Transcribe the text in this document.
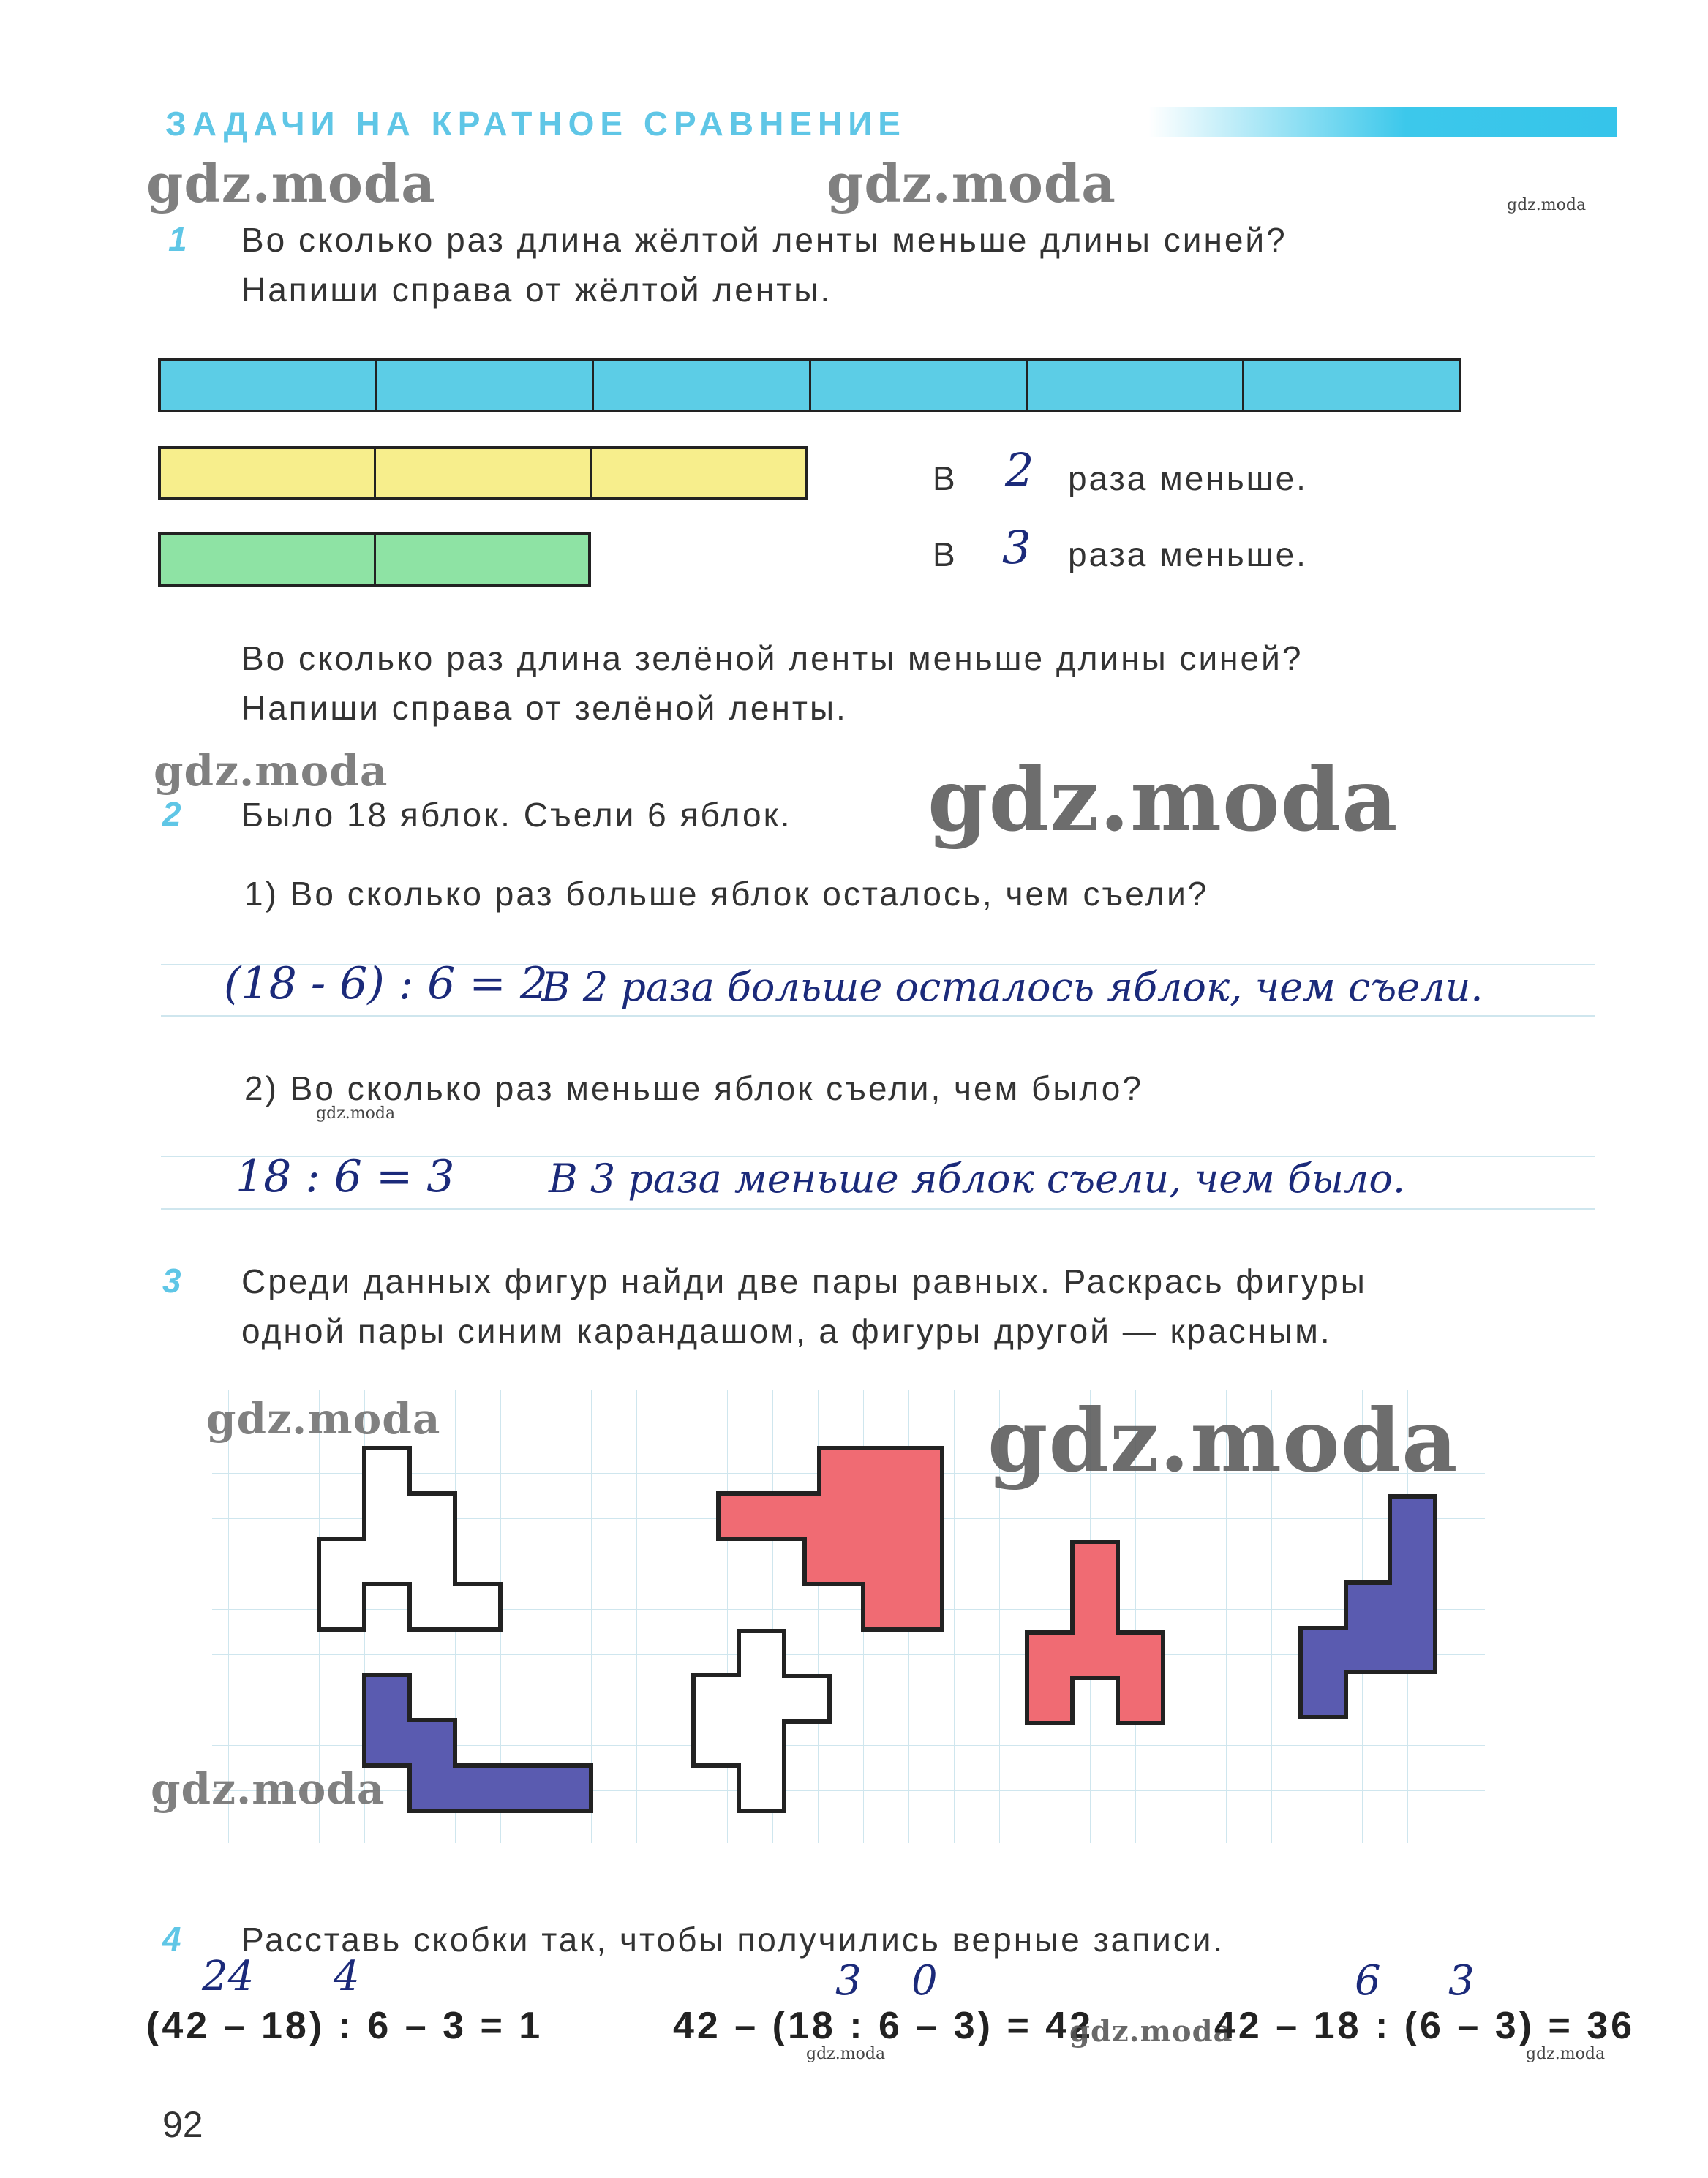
ЗАДАЧИ НА КРАТНОЕ СРАВНЕНИЕ
gdz.moda	gdz.moda	gdz.moda
1 Во сколько раз длина жёлтой ленты меньше длины синей?
Напиши справа от жёлтой ленты.
В 2 раза меньше.
В 3 раза меньше.
Во сколько раз длина зелёной ленты меньше длины синей?
Напиши справа от зелёной ленты.
gdz.moda
2 Было 18 яблок. Съели 6 яблок. gdz.moda
1) Во сколько раз больше яблок осталось, чем съели?
(18 - 6) : 6 = 2
В 2 раза больше осталось яблок, чем съели.
2) Во сколько раз меньше яблок съели, чем было?
gdz.moda
18 : 6 = 3 В 3 раза меньше яблок съели, чем было.
3 Среди данных фигур найди две пары равных. Раскрась фигуры
одной пары синим карандашом, а фигуры другой — красным.
gdz.moda	gdz.moda
gdz.moda
4 Расставь скобки так, чтобы получились верные записи.
24 4
(42 – 18) : 6 – 3 = 1
3 0
42 – (18 : 6 – 3) = 42
gdz.moda
6 3
42 – 18 : (6 – 3) = 36
gdz.moda	gdz.moda
92
